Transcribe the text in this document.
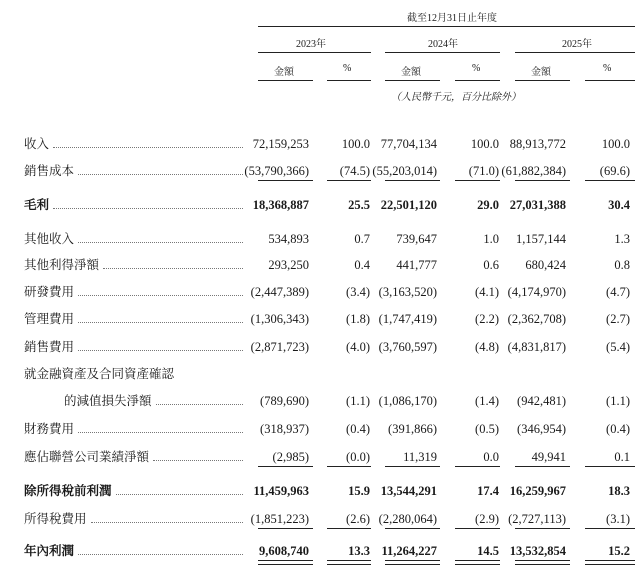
截至12月31日止年度
2023年	2024年	2025年
金額	%	金額	%	金額	%
（人民幣千元，百分比除外）
收入	72,159,253	100.0 77,704,134	100.0 88,913,772	100.0
銷售成本	(53,790,366) (74.5) (55,203,014)	(71.0) (61,882,384)	(69.6)
毛利	18,368,887	25.5 22,501,120	29.0 27,031,388	30.4
其他收入	534,893	0.7 739,647	1.0 1,157,144	1.3
其他利得淨額	293,250	0.4 441,777	0.6 680,424	0.8
研發費用	(2,447,389)	(3.4) (3,163,520)	(4.1) (4,174,970)	(4.7)
管理費用	(1,306,343)	(1.8) (1,747,419)	(2.2) (2,362,708)	(2.7)
銷售費用	(2,871,723)	(4.0) (3,760,597)	(4.8) (4,831,817)	(5.4)
就金融資產及合同資產確認
的減值損失淨額	(789,690)	(1.1) (1,086,170)	(1.4) (942,481)	(1.1)
財務費用	(318,937)	(0.4) (391,866)	(0.5) (346,954)	(0.4)
應佔聯營公司業績淨額	(2,985)	(0.0)	11,319	0.0	49,941	0.1
除所得稅前利潤	11,459,963	15.9 13,544,291	17.4 16,259,967	18.3
所得稅費用	(1,851,223)	(2.6) (2,280,064)	(2.9) (2,727,113)	(3.1)
年內利潤	9,608,740	13.3 11,264,227	14.5 13,532,854	15.2
